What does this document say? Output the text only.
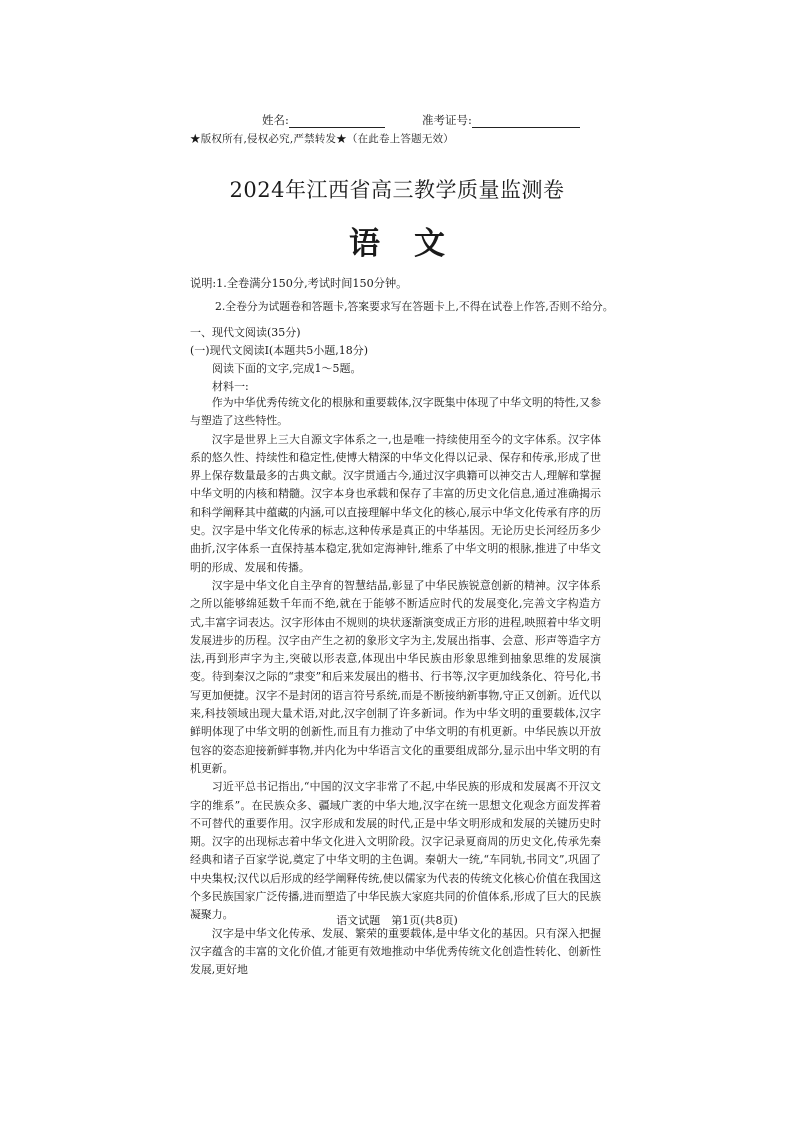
姓名:	准考证号:
★版权所有,侵权必究,严禁转发★（在此卷上答题无效）
2024年江西省高三教学质量监测卷
语文
说明:1.全卷满分150分,考试时间150分钟。
2.全卷分为试题卷和答题卡,答案要求写在答题卡上,不得在试卷上作答,否则不给分。
一、现代文阅读(35分)
(一)现代文阅读Ⅰ(本题共5小题,18分)
阅读下面的文字,完成1～5题。
材料一:

作为中华优秀传统文化的根脉和重要载体,汉字既集中体现了中华文明的特性,又参与塑造了这些特性。

汉字是世界上三大自源文字体系之一,也是唯一持续使用至今的文字体系。汉字体系的悠久性、持续性和稳定性,使博大精深的中华文化得以记录、保存和传承,形成了世界上保存数量最多的古典文献。汉字贯通古今,通过汉字典籍可以神交古人,理解和掌握中华文明的内核和精髓。汉字本身也承载和保存了丰富的历史文化信息,通过准确揭示和科学阐释其中蕴藏的内涵,可以直接理解中华文化的核心,展示中华文化传承有序的历史。汉字是中华文化传承的标志,这种传承是真正的中华基因。无论历史长河经历多少曲折,汉字体系一直保持基本稳定,犹如定海神针,维系了中华文明的根脉,推进了中华文明的形成、发展和传播。

汉字是中华文化自主孕育的智慧结晶,彰显了中华民族锐意创新的精神。汉字体系之所以能够绵延数千年而不绝,就在于能够不断适应时代的发展变化,完善文字构造方式,丰富字词表达。汉字形体由不规则的块状逐渐演变成正方形的进程,映照着中华文明发展进步的历程。汉字由产生之初的象形文字为主,发展出指事、会意、形声等造字方法,再到形声字为主,突破以形表意,体现出中华民族由形象思维到抽象思维的发展演变。待到秦汉之际的“隶变”和后来发展出的楷书、行书等,汉字更加线条化、符号化,书写更加便捷。汉字不是封闭的语言符号系统,而是不断接纳新事物,守正又创新。近代以来,科技领域出现大量术语,对此,汉字创制了许多新词。作为中华文明的重要载体,汉字鲜明体现了中华文明的创新性,而且有力推动了中华文明的有机更新。中华民族以开放包容的姿态迎接新鲜事物,并内化为中华语言文化的重要组成部分,显示出中华文明的有机更新。

习近平总书记指出,“中国的汉文字非常了不起,中华民族的形成和发展离不开汉文字的维系”。在民族众多、疆域广袤的中华大地,汉字在统一思想文化观念方面发挥着不可替代的重要作用。汉字形成和发展的时代,正是中华文明形成和发展的关键历史时期。汉字的出现标志着中华文化进入文明阶段。汉字记录夏商周的历史文化,传承先秦经典和诸子百家学说,奠定了中华文明的主色调。秦朝大一统,“车同轨,书同文”,巩固了中央集权;汉代以后形成的经学阐释传统,使以儒家为代表的传统文化核心价值在我国这个多民族国家广泛传播,进而塑造了中华民族大家庭共同的价值体系,形成了巨大的民族凝聚力。

汉字是中华文化传承、发展、繁荣的重要载体,是中华文化的基因。只有深入把握汉字蕴含的丰富的文化价值,才能更有效地推动中华优秀传统文化创造性转化、创新性发展,更好地

语文试题　第1页(共8页)
